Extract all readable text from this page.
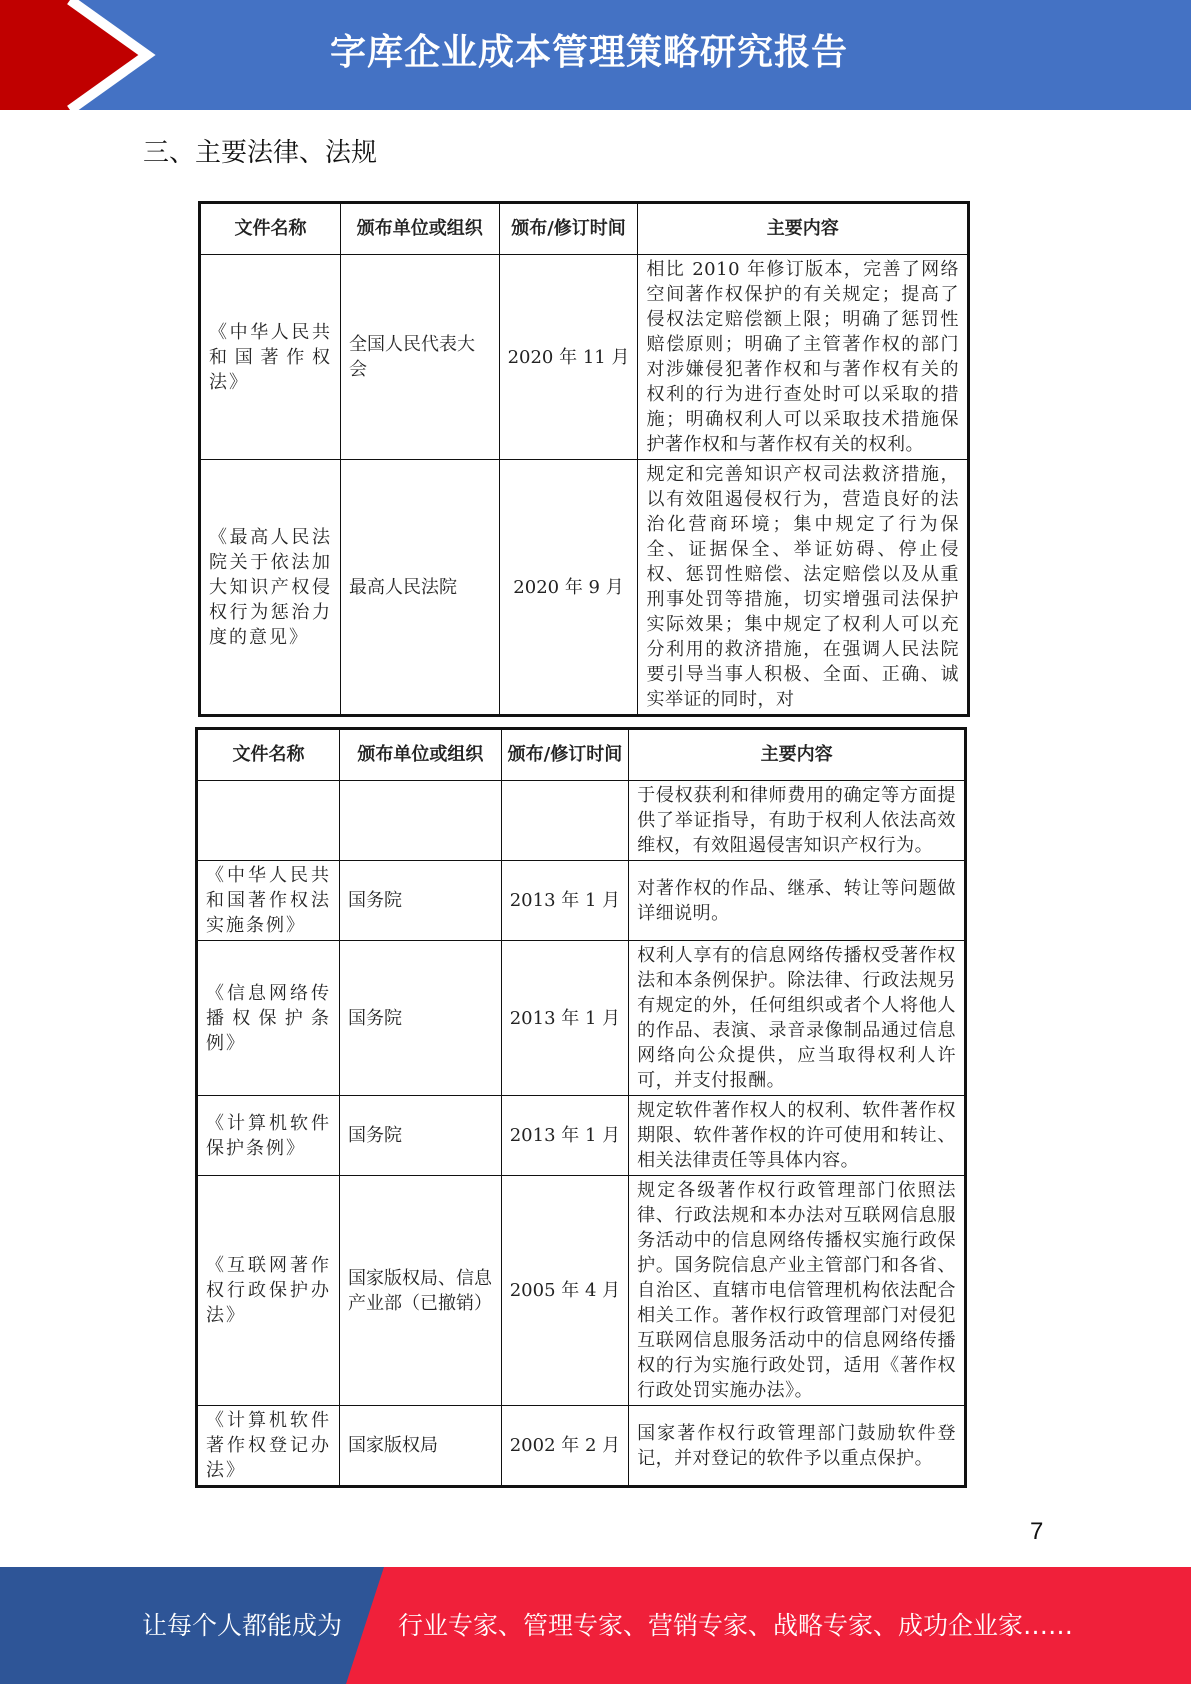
字库企业成本管理策略研究报告
三、主要法律、法规
文件名称	颁布单位或组织	颁布/修订时间	主要内容
《中华人民共和国著作权法》	全国人民代表大会	2020 年 11 月	相比 2010 年修订版本，完善了网络空间著作权保护的有关规定；提高了侵权法定赔偿额上限；明确了惩罚性赔偿原则；明确了主管著作权的部门对涉嫌侵犯著作权和与著作权有关的权利的行为进行查处时可以采取的措施；明确权利人可以采取技术措施保护著作权和与著作权有关的权利。
《最高人民法院关于依法加大知识产权侵权行为惩治力度的意见》	最高人民法院	2020 年 9 月	规定和完善知识产权司法救济措施，以有效阻遏侵权行为，营造良好的法治化营商环境；集中规定了行为保全、证据保全、举证妨碍、停止侵权、惩罚性赔偿、法定赔偿以及从重刑事处罚等措施，切实增强司法保护实际效果；集中规定了权利人可以充分利用的救济措施，在强调人民法院要引导当事人积极、全面、正确、诚实举证的同时，对
文件名称	颁布单位或组织	颁布/修订时间	主要内容
			于侵权获利和律师费用的确定等方面提供了举证指导，有助于权利人依法高效维权，有效阻遏侵害知识产权行为。
《中华人民共和国著作权法实施条例》	国务院	2013 年 1 月	对著作权的作品、继承、转让等问题做详细说明。
《信息网络传播权保护条例》	国务院	2013 年 1 月	权利人享有的信息网络传播权受著作权法和本条例保护。除法律、行政法规另有规定的外，任何组织或者个人将他人的作品、表演、录音录像制品通过信息网络向公众提供，应当取得权利人许可，并支付报酬。
《计算机软件保护条例》	国务院	2013 年 1 月	规定软件著作权人的权利、软件著作权期限、软件著作权的许可使用和转让、相关法律责任等具体内容。
《互联网著作权行政保护办法》	国家版权局、信息产业部（已撤销）	2005 年 4 月	规定各级著作权行政管理部门依照法律、行政法规和本办法对互联网信息服务活动中的信息网络传播权实施行政保护。国务院信息产业主管部门和各省、自治区、直辖市电信管理机构依法配合相关工作。著作权行政管理部门对侵犯互联网信息服务活动中的信息网络传播权的行为实施行政处罚，适用《著作权行政处罚实施办法》。
《计算机软件著作权登记办法》	国家版权局	2002 年 2 月	国家著作权行政管理部门鼓励软件登记，并对登记的软件予以重点保护。
7
让每个人都能成为 行业专家、管理专家、营销专家、战略专家、成功企业家……
